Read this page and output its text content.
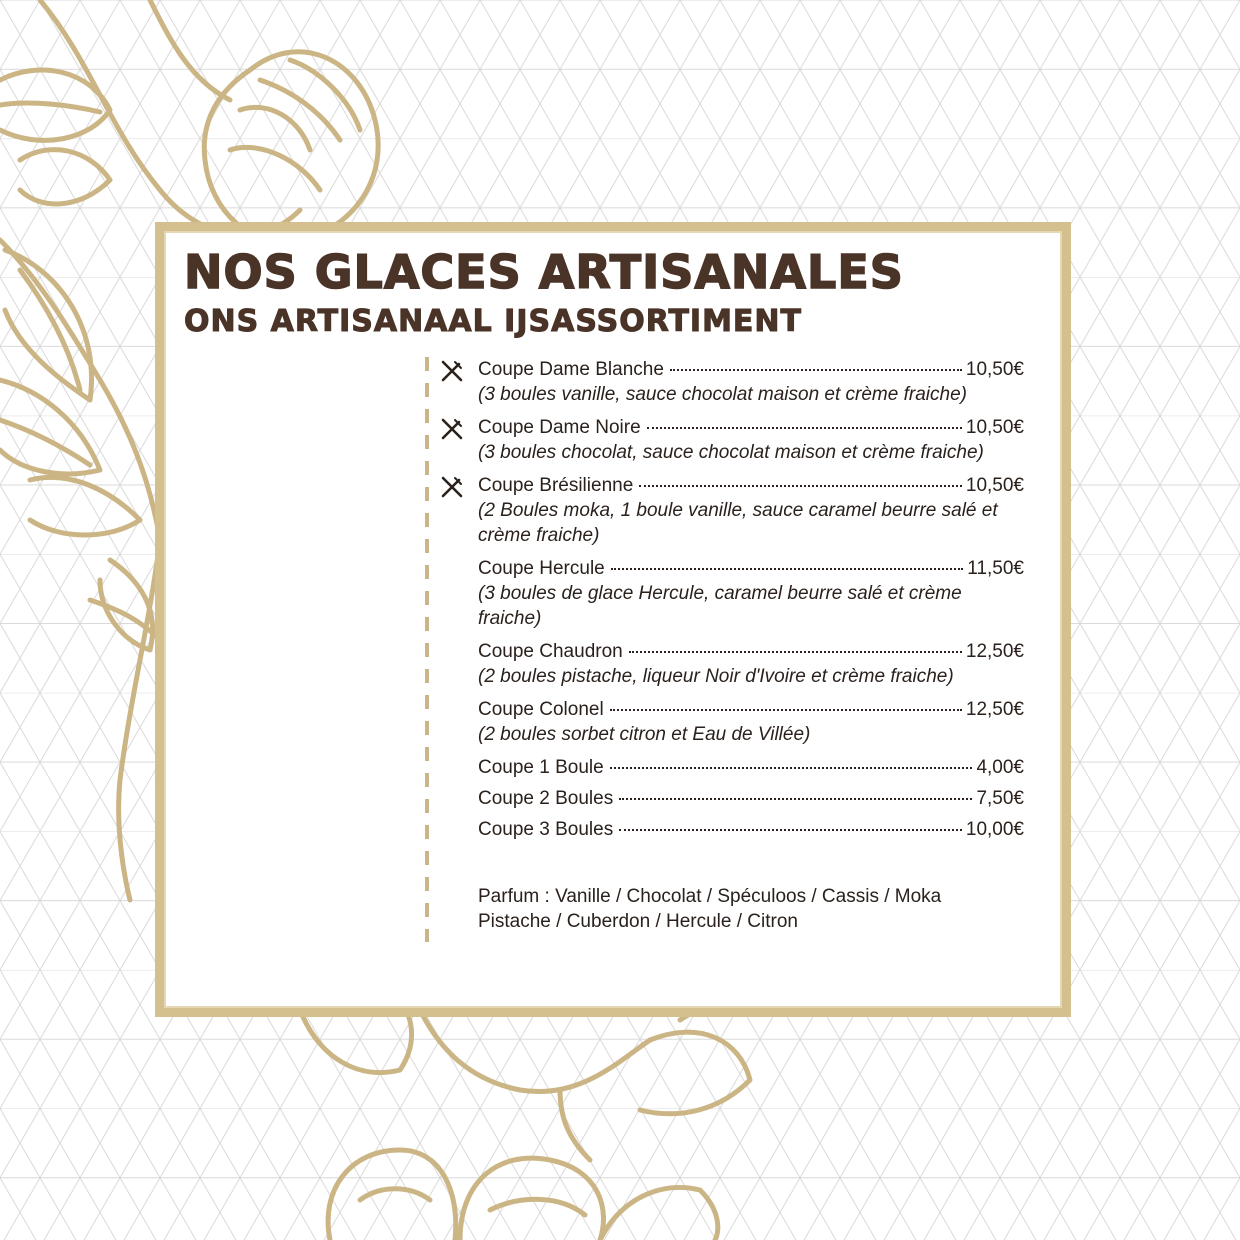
NOS GLACES ARTISANALES
ONS ARTISANAAL IJSASSORTIMENT
Coupe Dame Blanche	10,50€
(3 boules vanille, sauce chocolat maison et crème fraiche)
Coupe Dame Noire	10,50€
(3 boules chocolat, sauce chocolat maison et crème fraiche)
Coupe Brésilienne	10,50€
(2 Boules moka, 1 boule vanille, sauce caramel beurre salé et crème fraiche)
Coupe Hercule	11,50€
(3 boules de glace Hercule, caramel beurre salé et crème fraiche)
Coupe Chaudron	12,50€
(2 boules pistache, liqueur Noir d'Ivoire et crème fraiche)
Coupe Colonel	12,50€
(2 boules sorbet citron et Eau de Villée)
Coupe 1 Boule	4,00€
Coupe 2 Boules	7,50€
Coupe 3 Boules	10,00€
Parfum : Vanille / Chocolat / Spéculoos / Cassis / Moka
Pistache / Cuberdon / Hercule / Citron
